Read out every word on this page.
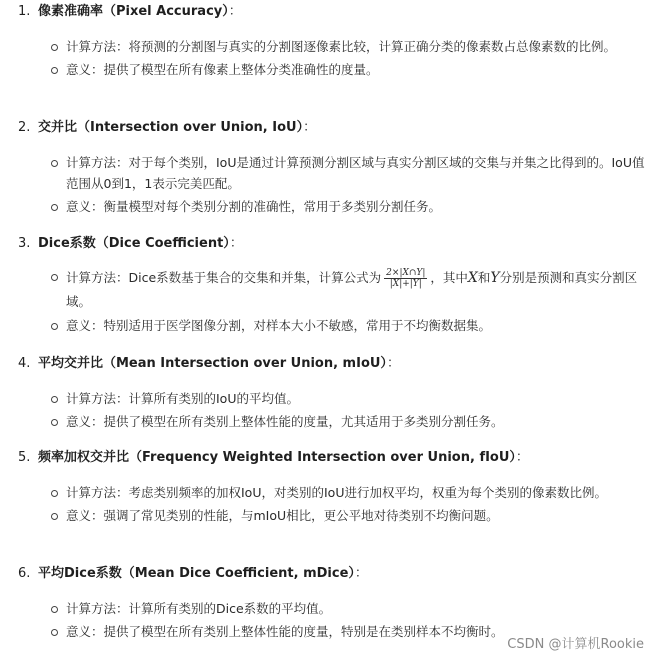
1. 像素准确率（Pixel Accuracy）：
计算方法：将预测的分割图与真实的分割图逐像素比较，计算正确分类的像素数占总像素数的比例。
意义：提供了模型在所有像素上整体分类准确性的度量。
2. 交并比（Intersection over Union, IoU）：
计算方法：对于每个类别，IoU是通过计算预测分割区域与真实分割区域的交集与并集之比得到的。IoU值范围从0到1，1表示完美匹配。
意义：衡量模型对每个类别分割的准确性，常用于多类别分割任务。
3. Dice系数（Dice Coefficient）：
计算方法：Dice系数基于集合的交集和并集，计算公式为 $\frac{2\times|X\cap Y|}{|X|+|Y|}$ ，其中X和Y分别是预测和真实分割区域。
意义：特别适用于医学图像分割，对样本大小不敏感，常用于不均衡数据集。
4. 平均交并比（Mean Intersection over Union, mIoU）：
计算方法：计算所有类别的IoU的平均值。
意义：提供了模型在所有类别上整体性能的度量，尤其适用于多类别分割任务。
5. 频率加权交并比（Frequency Weighted Intersection over Union, fIoU）：
计算方法：考虑类别频率的加权IoU，对类别的IoU进行加权平均，权重为每个类别的像素数比例。
意义：强调了常见类别的性能，与mIoU相比，更公平地对待类别不均衡问题。
6. 平均Dice系数（Mean Dice Coefficient, mDice）：
计算方法：计算所有类别的Dice系数的平均值。
意义：提供了模型在所有类别上整体性能的度量，特别是在类别样本不均衡时。
CSDN @计算机Rookie
